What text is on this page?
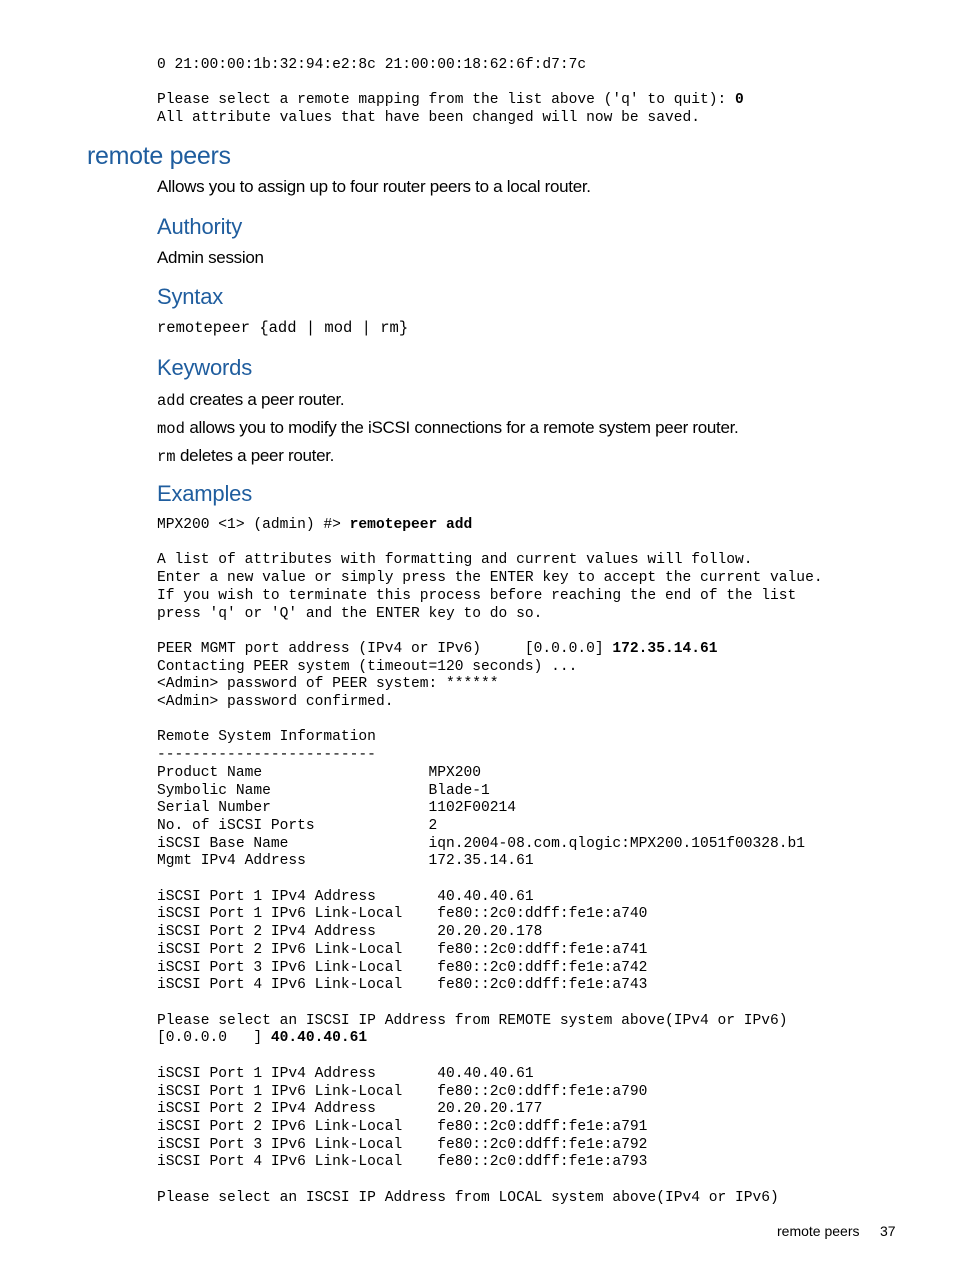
0 21:00:00:1b:32:94:e2:8c 21:00:00:18:62:6f:d7:7c

Please select a remote mapping from the list above ('q' to quit): 0
All attribute values that have been changed will now be saved.
remote peers

Allows you to assign up to four router peers to a local router.

Authority

Admin session

Syntax
remotepeer {add | mod | rm}
Keywords

add creates a peer router.

mod allows you to modify the iSCSI connections for a remote system peer router.

rm deletes a peer router.

Examples
MPX200 <1> (admin) #> remotepeer add

A list of attributes with formatting and current values will follow.
Enter a new value or simply press the ENTER key to accept the current value.
If you wish to terminate this process before reaching the end of the list
press 'q' or 'Q' and the ENTER key to do so.

PEER MGMT port address (IPv4 or IPv6)     [0.0.0.0] 172.35.14.61
Contacting PEER system (timeout=120 seconds) ...
<Admin> password of PEER system: ******
<Admin> password confirmed.

Remote System Information
-------------------------
Product Name                   MPX200
Symbolic Name                  Blade-1
Serial Number                  1102F00214
No. of iSCSI Ports             2
iSCSI Base Name                iqn.2004-08.com.qlogic:MPX200.1051f00328.b1
Mgmt IPv4 Address              172.35.14.61

iSCSI Port 1 IPv4 Address       40.40.40.61
iSCSI Port 1 IPv6 Link-Local    fe80::2c0:ddff:fe1e:a740
iSCSI Port 2 IPv4 Address       20.20.20.178
iSCSI Port 2 IPv6 Link-Local    fe80::2c0:ddff:fe1e:a741
iSCSI Port 3 IPv6 Link-Local    fe80::2c0:ddff:fe1e:a742
iSCSI Port 4 IPv6 Link-Local    fe80::2c0:ddff:fe1e:a743

Please select an ISCSI IP Address from REMOTE system above(IPv4 or IPv6)
[0.0.0.0   ] 40.40.40.61

iSCSI Port 1 IPv4 Address       40.40.40.61
iSCSI Port 1 IPv6 Link-Local    fe80::2c0:ddff:fe1e:a790
iSCSI Port 2 IPv4 Address       20.20.20.177
iSCSI Port 2 IPv6 Link-Local    fe80::2c0:ddff:fe1e:a791
iSCSI Port 3 IPv6 Link-Local    fe80::2c0:ddff:fe1e:a792
iSCSI Port 4 IPv6 Link-Local    fe80::2c0:ddff:fe1e:a793

Please select an ISCSI IP Address from LOCAL system above(IPv4 or IPv6)
remote peers 37
